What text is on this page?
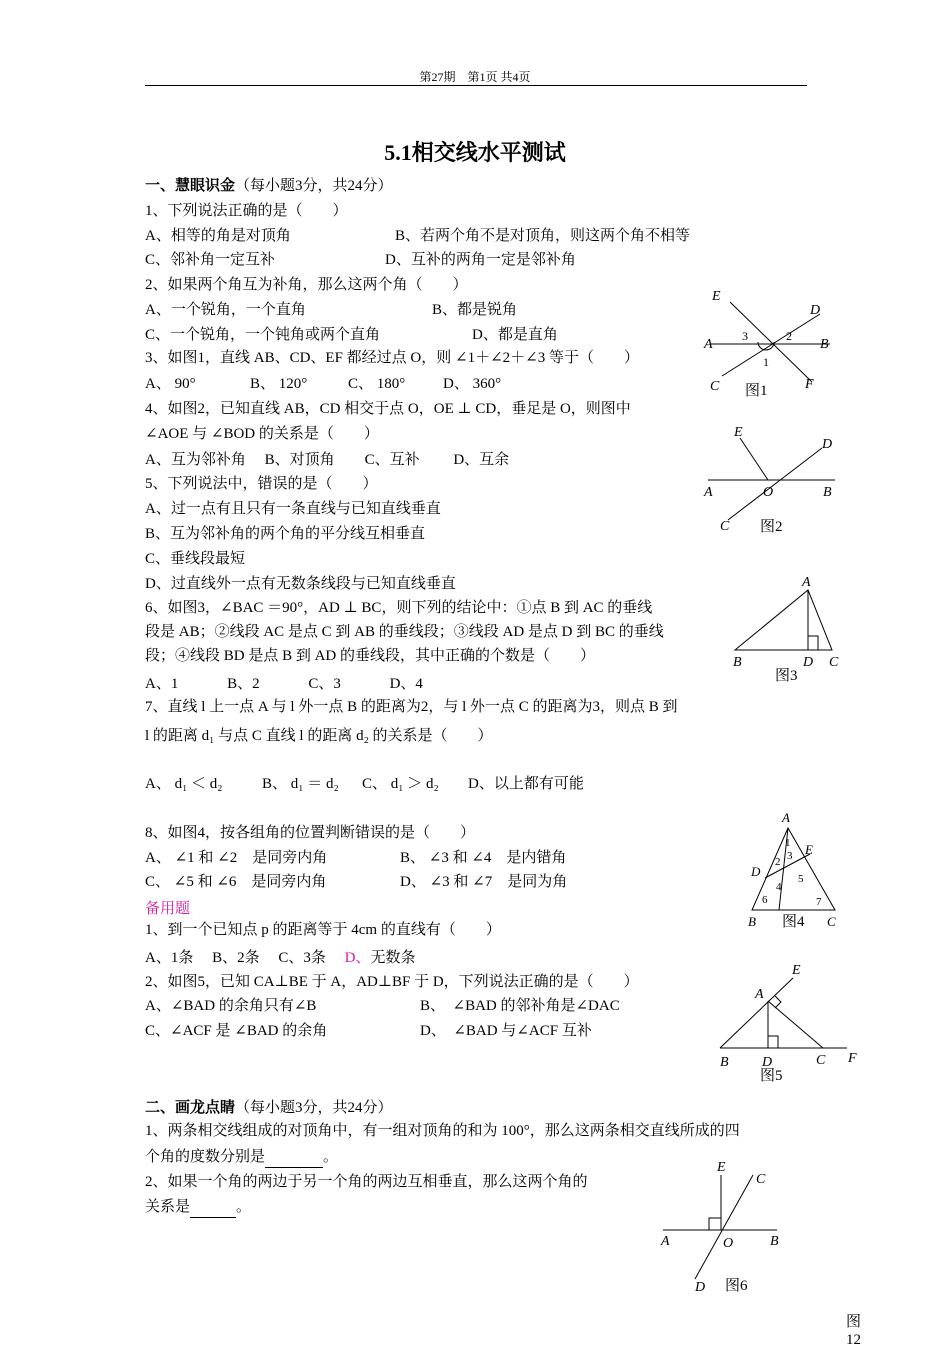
第27期　第1页 共4页
5.1相交线水平测试
一、慧眼识金（每小题3分，共24分）
1、下列说法正确的是（　　）
A、相等的角是对顶角	B、若两个角不是对顶角，则这两个角不相等
C、邻补角一定互补	D、互补的两角一定是邻补角
2、如果两个角互为补角，那么这两个角（　　）
A、一个锐角，一个直角	B、都是锐角
C、一个锐角，一个钝角或两个直角	D、都是直角
3、如图1，直线 AB、CD、EF 都经过点 O，则 ∠1＋∠2＋∠3 等于（　　）
A、 90°	B、 120°	C、 180°	D、 360°
4、如图2，已知直线 AB，CD 相交于点 O，OE ⊥ CD，垂足是 O，则图中
∠AOE 与 ∠BOD 的关系是（　　）
A、互为邻补角　 B、对顶角　　C、互补　　 D、互余
5、下列说法中，错误的是（　　）
A、过一点有且只有一条直线与已知直线垂直
B、互为邻补角的两个角的平分线互相垂直
C、垂线段最短
D、过直线外一点有无数条线段与已知直线垂直
6、如图3，∠BAC ＝90°，AD ⊥ BC，则下列的结论中：①点 B 到 AC 的垂线
段是 AB；②线段 AC 是点 C 到 AB 的垂线段；③线段 AD 是点 D 到 BC 的垂线
段；④线段 BD 是点 B 到 AD 的垂线段，其中正确的个数是（　　）
A、1　　　 B、2　　　 C、3　　　 D、4
7、直线 l 上一点 A 与 l 外一点 B 的距离为2，与 l 外一点 C 的距离为3，则点 B 到
l 的距离 d₁ 与点 C 直线 l 的距离 d₂ 的关系是（　　）
A、 d₁ ＜ d₂	B、 d₁ ＝ d₂ C、 d₁ ＞ d₂ D、以上都有可能
8、如图4，按各组角的位置判断错误的是（　　）
A、 ∠1 和 ∠2　是同旁内角	B、 ∠3 和 ∠4　是内错角
C、 ∠5 和 ∠6　是同旁内角	D、 ∠3 和 ∠7　是同为角
备用题
1、到一个已知点 p 的距离等于 4cm 的直线有（　　）
A、1条　 B、2条　 C、3条　 D、无数条
2、如图5，已知 CA⊥BE 于 A，AD⊥BF 于 D，下列说法正确的是（　　）
A、∠BAD 的余角只有∠B	B、　∠BAD 的邻补角是∠DAC
C、∠ACF 是 ∠BAD 的余角	D、　∠BAD 与∠ACF 互补
二、画龙点睛（每小题3分，共24分）
1、两条相交线组成的对顶角中，有一组对顶角的和为 100°，那么这两条相交直线所成的四
个角的度数分别是	。
2、如果一个角的两边于另一个角的两边互相垂直，那么这两个角的
关系是	。
E
D
A	B
C	F
3	2
1
图1
E
D
A	O	B
C 图2
A
B	D C
图3
A
E
D
B	C
1
2 3
4
5
6	7
图4
E
A
B D	C F
图5
E
C
A	O	B
D 图6
图
12
